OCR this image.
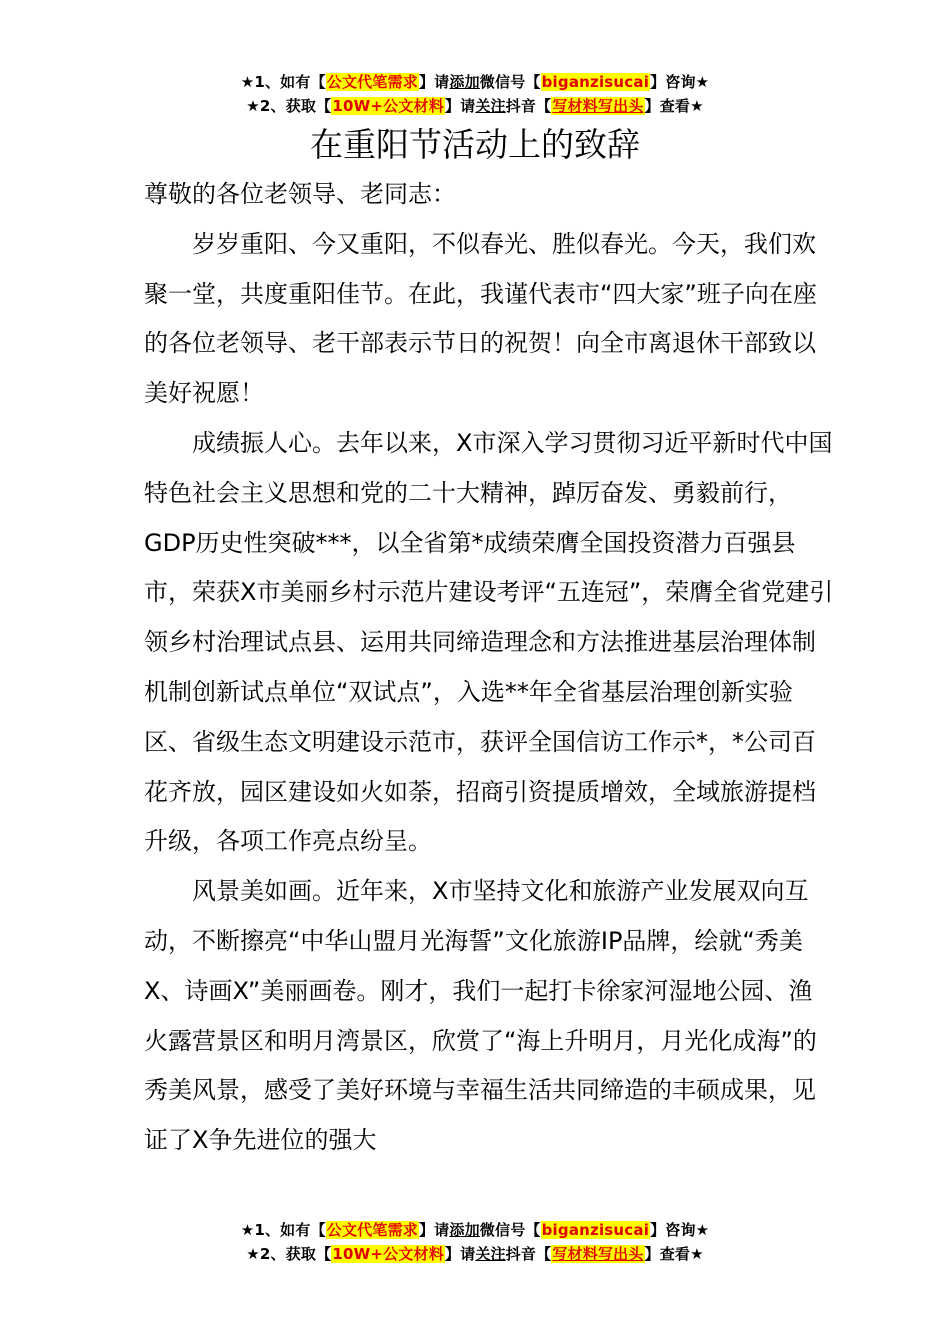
★1、如有【公文代笔需求】请添加微信号【biganzisucai】咨询★
★2、获取【10W+公文材料】请关注抖音【写材料写出头】查看★
在重阳节活动上的致辞

尊敬的各位老领导、老同志：

岁岁重阳、今又重阳，不似春光、胜似春光。今天，我们欢聚一堂，共度重阳佳节。在此，我谨代表市“四大家”班子向在座的各位老领导、老干部表示节日的祝贺！向全市离退休干部致以美好祝愿！

成绩振人心。去年以来，X市深入学习贯彻习近平新时代中国特色社会主义思想和党的二十大精神，踔厉奋发、勇毅前行，GDP历史性突破***，以全省第*成绩荣膺全国投资潜力百强县市，荣获X市美丽乡村示范片建设考评“五连冠”，荣膺全省党建引领乡村治理试点县、运用共同缔造理念和方法推进基层治理体制机制创新试点单位“双试点”，入选**年全省基层治理创新实验区、省级生态文明建设示范市，获评全国信访工作示*，*公司百花齐放，园区建设如火如荼，招商引资提质增效，全域旅游提档升级，各项工作亮点纷呈。

风景美如画。近年来，X市坚持文化和旅游产业发展双向互动，不断擦亮“中华山盟月光海誓”文化旅游IP品牌，绘就“秀美X、诗画X”美丽画卷。刚才，我们一起打卡徐家河湿地公园、渔火露营景区和明月湾景区，欣赏了“海上升明月，月光化成海”的秀美风景，感受了美好环境与幸福生活共同缔造的丰硕成果，见证了X争先进位的强大

★1、如有【公文代笔需求】请添加微信号【biganzisucai】咨询★
★2、获取【10W+公文材料】请关注抖音【写材料写出头】查看★
